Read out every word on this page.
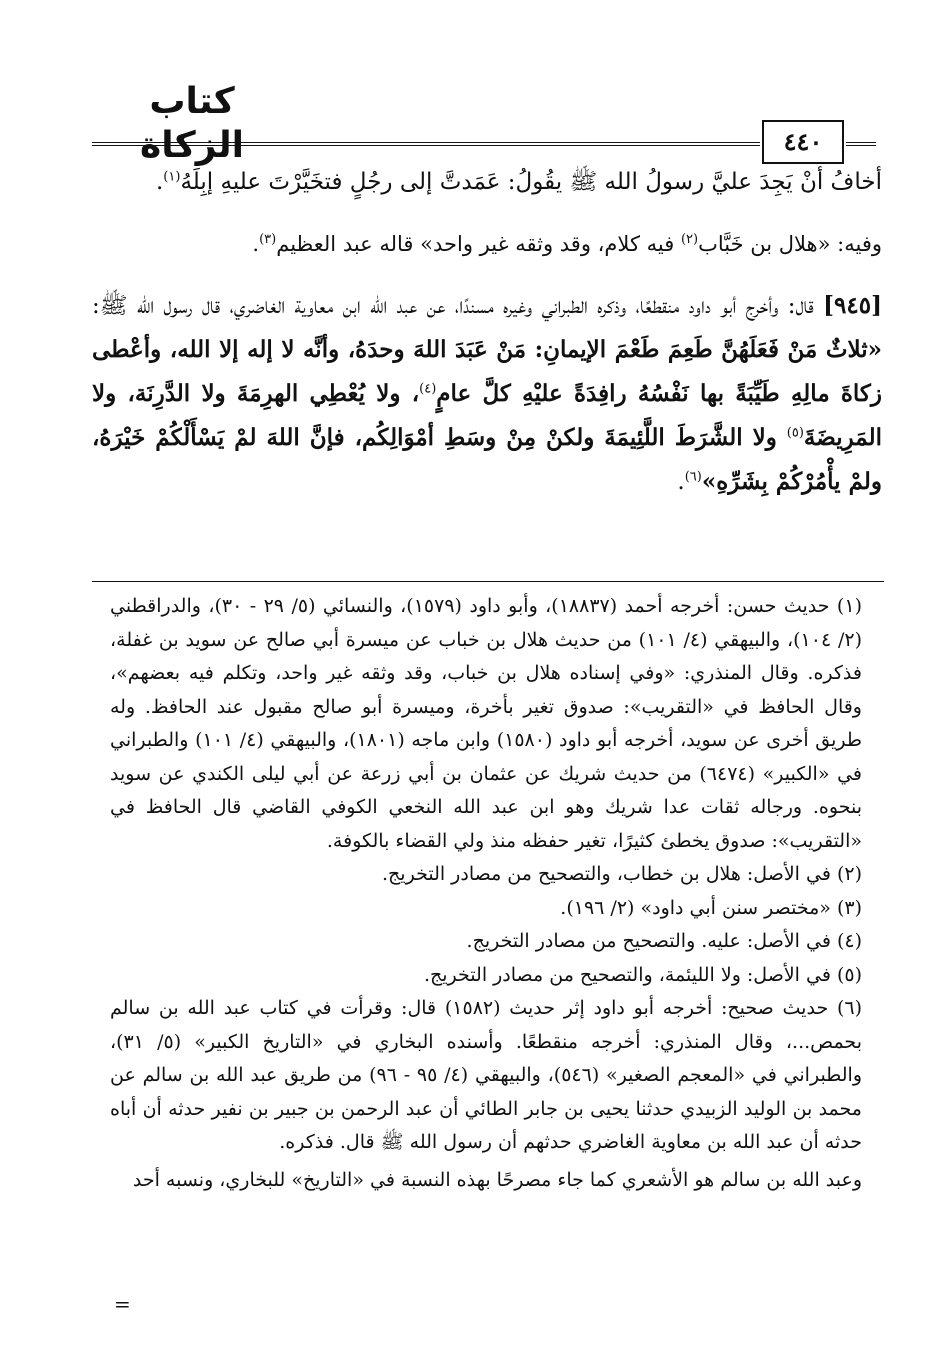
كتاب الزكاة	٤٤٠

أخافُ أنْ يَجِدَ عليَّ رسولُ الله ﷺ يقُولُ: عَمَدتَّ إلى رجُلٍ فتخَيَّرْتَ عليهِ إبِلَهُ$^{(١)}$.

وفيه: «هلال بن خَبَّاب$^{(٢)}$ فيه كلام، وقد وثقه غير واحد» قاله عبد العظيم$^{(٣)}$.

[٩٤٥] قال: وأخرج أبو داود منقطعًا، وذكره الطبراني وغيره مسندًا، عن عبد الله ابن معاوية الغاضري، قال رسول الله ﷺ: «ثلاثٌ مَنْ فَعَلَهُنَّ طَعِمَ طَعْمَ الإيمانِ: مَنْ عَبَدَ اللهَ وحدَهُ، وأنَّه لا إله إلا الله، وأعْطى زكاةَ مالِهِ طَيِّبَةً بها نَفْسُهُ رافِدَةً عليْهِ كلَّ عامٍ$^{(٤)}$، ولا يُعْطِي الهرِمَةَ ولا الدَّرِنَة، ولا المَرِيضَةَ$^{(٥)}$ ولا الشَّرَطَ اللَّئِيمَةَ ولكنْ مِنْ وسَطِ أمْوَالِكُم، فإنَّ اللهَ لمْ يَسْأَلْكُمْ خَيْرَهُ، ولمْ يأْمُرْكُمْ بِشَرِّهِ»$^{(٦)}$.

(١) حديث حسن: أخرجه أحمد (١٨٨٣٧)، وأبو داود (١٥٧٩)، والنسائي (٥/ ٢٩ - ٣٠)، والدراقطني (٢/ ١٠٤)، والبيهقي (٤/ ١٠١) من حديث هلال بن خباب عن ميسرة أبي صالح عن سويد بن غفلة، فذكره. وقال المنذري: «وفي إسناده هلال بن خباب، وقد وثقه غير واحد، وتكلم فيه بعضهم»، وقال الحافظ في «التقريب»: صدوق تغير بأخرة، وميسرة أبو صالح مقبول عند الحافظ. وله طريق أخرى عن سويد، أخرجه أبو داود (١٥٨٠) وابن ماجه (١٨٠١)، والبيهقي (٤/ ١٠١) والطبراني في «الكبير» (٦٤٧٤) من حديث شريك عن عثمان بن أبي زرعة عن أبي ليلى الكندي عن سويد بنحوه. ورجاله ثقات عدا شريك وهو ابن عبد الله النخعي الكوفي القاضي قال الحافظ في «التقريب»: صدوق يخطئ كثيرًا، تغير حفظه منذ ولي القضاء بالكوفة.

(٢) في الأصل: هلال بن خطاب، والتصحيح من مصادر التخريج.

(٣) «مختصر سنن أبي داود» (٢/ ١٩٦).

(٤) في الأصل: عليه. والتصحيح من مصادر التخريج.

(٥) في الأصل: ولا الليئمة، والتصحيح من مصادر التخريج.

(٦) حديث صحيح: أخرجه أبو داود إثر حديث (١٥٨٢) قال: وقرأت في كتاب عبد الله بن سالم بحمص...، وقال المنذري: أخرجه منقطعًا. وأسنده البخاري في «التاريخ الكبير» (٥/ ٣١)، والطبراني في «المعجم الصغير» (٥٤٦)، والبيهقي (٤/ ٩٥ - ٩٦) من طريق عبد الله بن سالم عن محمد بن الوليد الزبيدي حدثنا يحيى بن جابر الطائي أن عبد الرحمن بن جبير بن نفير حدثه أن أباه حدثه أن عبد الله بن معاوية الغاضري حدثهم أن رسول الله ﷺ قال. فذكره.

وعبد الله بن سالم هو الأشعري كما جاء مصرحًا بهذه النسبة في «التاريخ» للبخاري، ونسبه أحد

=
